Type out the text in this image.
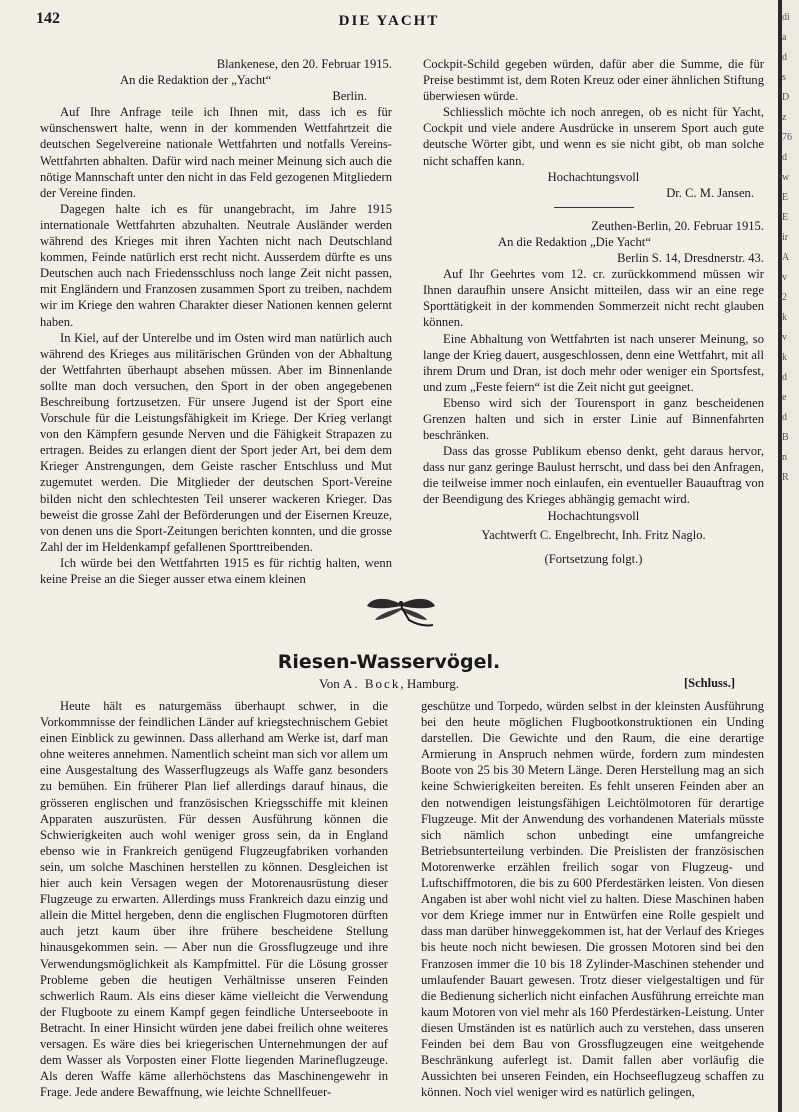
142	DIE YACHT

Blankenese, den 20. Februar 1915.

An die Redaktion der „Yacht“

Berlin.

Auf Ihre Anfrage teile ich Ihnen mit, dass ich es für wünschenswert halte, wenn in der kommenden Wettfahrtzeit die deutschen Segelvereine nationale Wettfahrten und notfalls Vereins-Wettfahrten abhalten. Dafür wird nach meiner Meinung sich auch die nötige Mannschaft unter den nicht in das Feld gezogenen Mitgliedern der Vereine finden.

Dagegen halte ich es für unangebracht, im Jahre 1915 internationale Wettfahrten abzuhalten. Neutrale Ausländer werden während des Krieges mit ihren Yachten nicht nach Deutschland kommen, Feinde natürlich erst recht nicht. Ausserdem dürfte es uns Deutschen auch nach Friedensschluss noch lange Zeit nicht passen, mit Engländern und Franzosen zusammen Sport zu treiben, nachdem wir im Kriege den wahren Charakter dieser Nationen kennen gelernt haben.

In Kiel, auf der Unterelbe und im Osten wird man natürlich auch während des Krieges aus militärischen Gründen von der Abhaltung der Wettfahrten überhaupt absehen müssen. Aber im Binnenlande sollte man doch versuchen, den Sport in der oben angegebenen Beschreibung fortzusetzen. Für unsere Jugend ist der Sport eine Vorschule für die Leistungsfähigkeit im Kriege. Der Krieg verlangt von den Kämpfern gesunde Nerven und die Fähigkeit Strapazen zu ertragen. Beides zu erlangen dient der Sport jeder Art, bei dem dem Krieger Anstrengungen, dem Geiste rascher Entschluss und Mut zugemutet werden. Die Mitglieder der deutschen Sport-Vereine bilden nicht den schlechtesten Teil unserer wackeren Krieger. Das beweist die grosse Zahl der Beförderungen und der Eisernen Kreuze, von denen uns die Sport-Zeitungen berichten konnten, und die grosse Zahl der im Heldenkampf gefallenen Sporttreibenden.

Ich würde bei den Wettfahrten 1915 es für richtig halten, wenn keine Preise an die Sieger ausser etwa einem kleinen

Cockpit-Schild gegeben würden, dafür aber die Summe, die für Preise bestimmt ist, dem Roten Kreuz oder einer ähnlichen Stiftung überwiesen würde.

Schliesslich möchte ich noch anregen, ob es nicht für Yacht, Cockpit und viele andere Ausdrücke in unserem Sport auch gute deutsche Wörter gibt, und wenn es sie nicht gibt, ob man solche nicht schaffen kann.

Hochachtungsvoll

Dr. C. M. Jansen.

Zeuthen-Berlin, 20. Februar 1915.

An die Redaktion „Die Yacht“

Berlin S. 14, Dresdnerstr. 43.

Auf Ihr Geehrtes vom 12. cr. zurückkommend müssen wir Ihnen daraufhin unsere Ansicht mitteilen, dass wir an eine rege Sporttätigkeit in der kommenden Sommerzeit nicht recht glauben können.

Eine Abhaltung von Wettfahrten ist nach unserer Meinung, so lange der Krieg dauert, ausgeschlossen, denn eine Wettfahrt, mit all ihrem Drum und Dran, ist doch mehr oder weniger ein Sportsfest, und zum „Feste feiern“ ist die Zeit nicht gut geeignet.

Ebenso wird sich der Tourensport in ganz bescheidenen Grenzen halten und sich in erster Linie auf Binnenfahrten beschränken.

Dass das grosse Publikum ebenso denkt, geht daraus hervor, dass nur ganz geringe Baulust herrscht, und dass bei den Anfragen, die teilweise immer noch einlaufen, ein eventueller Bauauftrag von der Beendigung des Krieges abhängig gemacht wird.

Hochachtungsvoll

Yachtwerft C. Engelbrecht, Inh. Fritz Naglo.

(Fortsetzung folgt.)

Riesen-Wasservögel.
Von A. Bock, Hamburg.	[Schluss.]

Heute hält es naturgemäss überhaupt schwer, in die Vorkommnisse der feindlichen Länder auf kriegstechnischem Gebiet einen Einblick zu gewinnen. Dass allerhand am Werke ist, darf man ohne weiteres annehmen. Namentlich scheint man sich vor allem um eine Ausgestaltung des Wasserflugzeugs als Waffe ganz besonders zu bemühen. Ein früherer Plan lief allerdings darauf hinaus, die grösseren englischen und französischen Kriegsschiffe mit kleinen Apparaten auszurüsten. Für dessen Ausführung können die Schwierigkeiten auch wohl weniger gross sein, da in England ebenso wie in Frankreich genügend Flugzeugfabriken vorhanden sein, um solche Maschinen herstellen zu können. Desgleichen ist hier auch kein Versagen wegen der Motorenausrüstung dieser Flugzeuge zu erwarten. Allerdings muss Frankreich dazu einzig und allein die Mittel hergeben, denn die englischen Flugmotoren dürften auch jetzt kaum über ihre frühere bescheidene Stellung hinausgekommen sein. — Aber nun die Grossflugzeuge und ihre Verwendungsmöglichkeit als Kampfmittel. Für die Lösung grosser Probleme geben die heutigen Verhältnisse unseren Feinden schwerlich Raum. Als eins dieser käme vielleicht die Verwendung der Flugboote zu einem Kampf gegen feindliche Unterseeboote in Betracht. In einer Hinsicht würden jene dabei freilich ohne weiteres versagen. Es wäre dies bei kriegerischen Unternehmungen der auf dem Wasser als Vorposten einer Flotte liegenden Marineflugzeuge. Als deren Waffe käme allerhöchstens das Maschinengewehr in Frage. Jede andere Bewaffnung, wie leichte Schnellfeuer-

geschütze und Torpedo, würden selbst in der kleinsten Ausführung bei den heute möglichen Flugbootkonstruktionen ein Unding darstellen. Die Gewichte und den Raum, die eine derartige Armierung in Anspruch nehmen würde, fordern zum mindesten Boote von 25 bis 30 Metern Länge. Deren Herstellung mag an sich keine Schwierigkeiten bereiten. Es fehlt unseren Feinden aber an den notwendigen leistungsfähigen Leichtölmotoren für derartige Flugzeuge. Mit der Anwendung des vorhandenen Materials müsste sich nämlich schon unbedingt eine umfangreiche Betriebsunterteilung verbinden. Die Preislisten der französischen Motorenwerke erzählen freilich sogar von Flugzeug- und Luftschiffmotoren, die bis zu 600 Pferdestärken leisten. Von diesen Angaben ist aber wohl nicht viel zu halten. Diese Maschinen haben vor dem Kriege immer nur in Entwürfen eine Rolle gespielt und dass man darüber hinweggekommen ist, hat der Verlauf des Krieges bis heute noch nicht bewiesen. Die grossen Motoren sind bei den Franzosen immer die 10 bis 18 Zylinder-Maschinen stehender und umlaufender Bauart gewesen. Trotz dieser vielgestaltigen und für die Bedienung sicherlich nicht einfachen Ausführung erreichte man kaum Motoren von viel mehr als 160 Pferdestärken-Leistung. Unter diesen Umständen ist es natürlich auch zu verstehen, dass unseren Feinden bei dem Bau von Grossflugzeugen eine weitgehende Beschränkung auferlegt ist. Damit fallen aber vorläufig die Aussichten bei unseren Feinden, ein Hochseeflugzeug schaffen zu können. Noch viel weniger wird es natürlich gelingen,

di
a
d
s
D
z
76
d
w
E
E
ir
A
v
2
k
v
k
d
e
d
B
n
R
